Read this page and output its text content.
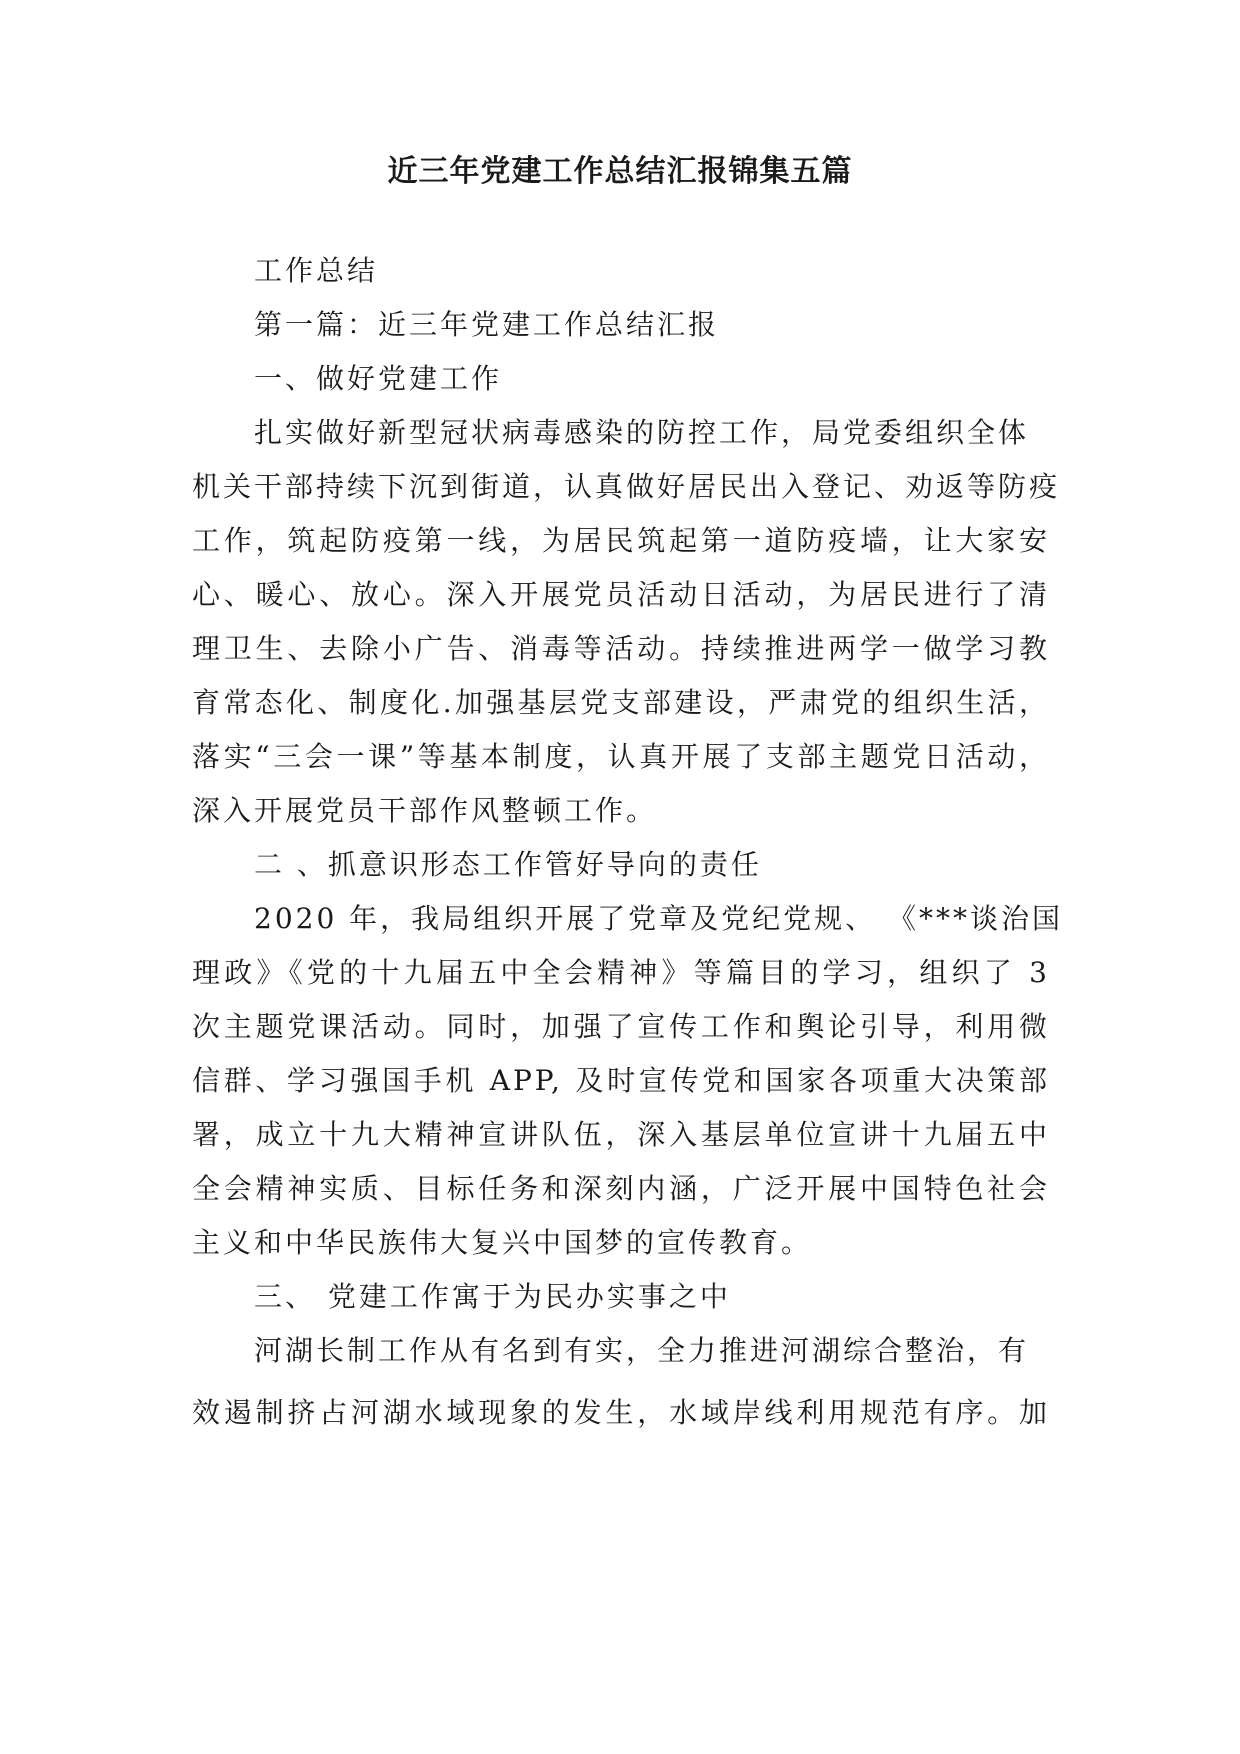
近三年党建工作总结汇报锦集五篇

工作总结

第一篇：近三年党建工作总结汇报

一、做好党建工作

扎实做好新型冠状病毒感染的防控工作，局党委组织全体

机关干部持续下沉到街道，认真做好居民出入登记、劝返等防疫

工作，筑起防疫第一线，为居民筑起第一道防疫墙，让大家安

心、暖心、放心。深入开展党员活动日活动，为居民进行了清

理卫生、去除小广告、消毒等活动。持续推进两学一做学习教

育常态化、制度化.加强基层党支部建设，严肃党的组织生活，

落实“三会一课”等基本制度，认真开展了支部主题党日活动，

深入开展党员干部作风整顿工作。

二 、抓意识形态工作管好导向的责任

2020 年，我局组织开展了党章及党纪党规、 《***谈治国

理政》《党的十九届五中全会精神》等篇目的学习，组织了 3

次主题党课活动。同时，加强了宣传工作和舆论引导，利用微

信群、学习强国手机 APP, 及时宣传党和国家各项重大决策部

署，成立十九大精神宣讲队伍，深入基层单位宣讲十九届五中

全会精神实质、目标任务和深刻内涵，广泛开展中国特色社会

主义和中华民族伟大复兴中国梦的宣传教育。

三、 党建工作寓于为民办实事之中

河湖长制工作从有名到有实，全力推进河湖综合整治，有

效遏制挤占河湖水域现象的发生，水域岸线利用规范有序。加
